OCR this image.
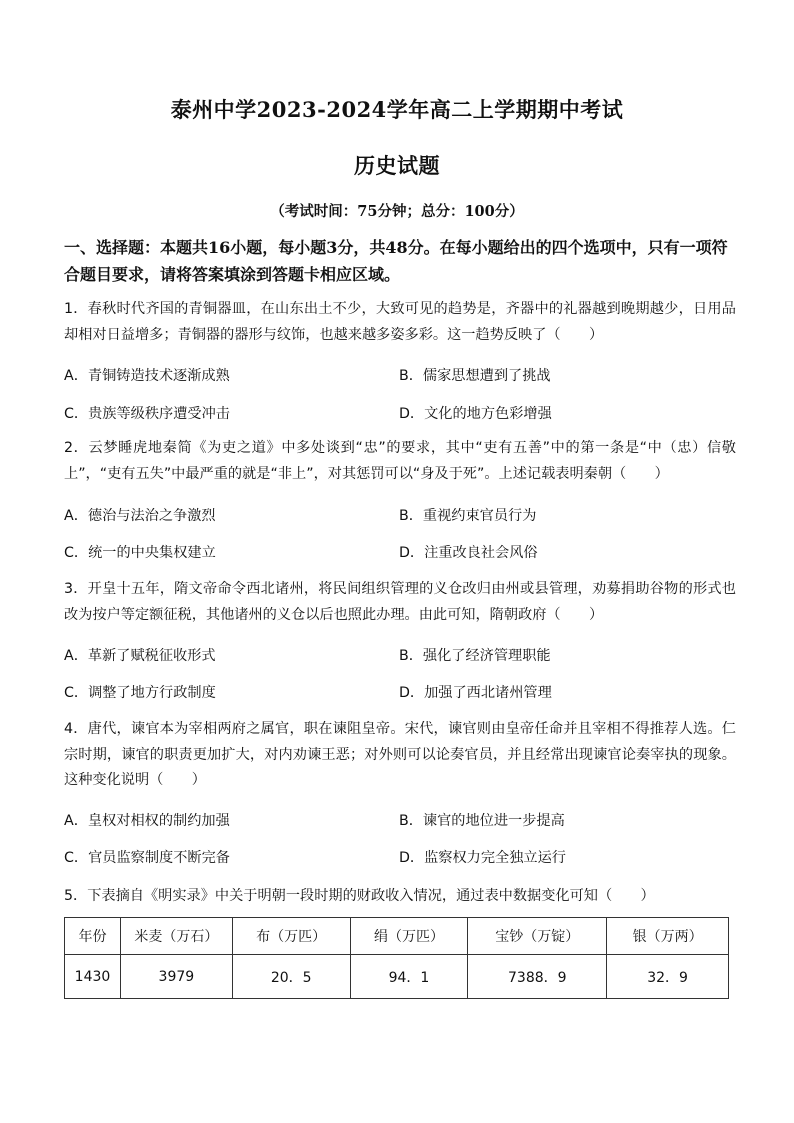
泰州中学2023-2024学年高二上学期期中考试
历史试题
（考试时间：75分钟；总分：100分）
一、选择题：本题共16小题，每小题3分，共48分。在每小题给出的四个选项中，只有一项符合题目要求，请将答案填涂到答题卡相应区域。
1．春秋时代齐国的青铜器皿，在山东出土不少，大致可见的趋势是，齐器中的礼器越到晚期越少，日用品却相对日益增多；青铜器的器形与纹饰，也越来越多姿多彩。这一趋势反映了（　　）
A．青铜铸造技术逐渐成熟	B．儒家思想遭到了挑战
C．贵族等级秩序遭受冲击	D．文化的地方色彩增强
2．云梦睡虎地秦简《为吏之道》中多处谈到“忠”的要求，其中“吏有五善”中的第一条是“中（忠）信敬上”，“吏有五失”中最严重的就是“非上”，对其惩罚可以“身及于死”。上述记载表明秦朝（　　）
A．德治与法治之争激烈	B．重视约束官员行为
C．统一的中央集权建立	D．注重改良社会风俗
3．开皇十五年，隋文帝命令西北诸州，将民间组织管理的义仓改归由州或县管理，劝募捐助谷物的形式也改为按户等定额征税，其他诸州的义仓以后也照此办理。由此可知，隋朝政府（　　）
A．革新了赋税征收形式	B．强化了经济管理职能
C．调整了地方行政制度	D．加强了西北诸州管理
4．唐代，谏官本为宰相两府之属官，职在谏阻皇帝。宋代，谏官则由皇帝任命并且宰相不得推荐人选。仁宗时期，谏官的职责更加扩大，对内劝谏王恶；对外则可以论奏官员，并且经常出现谏官论奏宰执的现象。这种变化说明（　　）
A．皇权对相权的制约加强	B．谏官的地位进一步提高
C．官员监察制度不断完备	D．监察权力完全独立运行
5．下表摘自《明实录》中关于明朝一段时期的财政收入情况，通过表中数据变化可知（　　）
年份	米麦（万石）	布（万匹）	绢（万匹）	宝钞（万锭）	银（万两）
1430	3979	20．5	94．1	7388．9	32．9
